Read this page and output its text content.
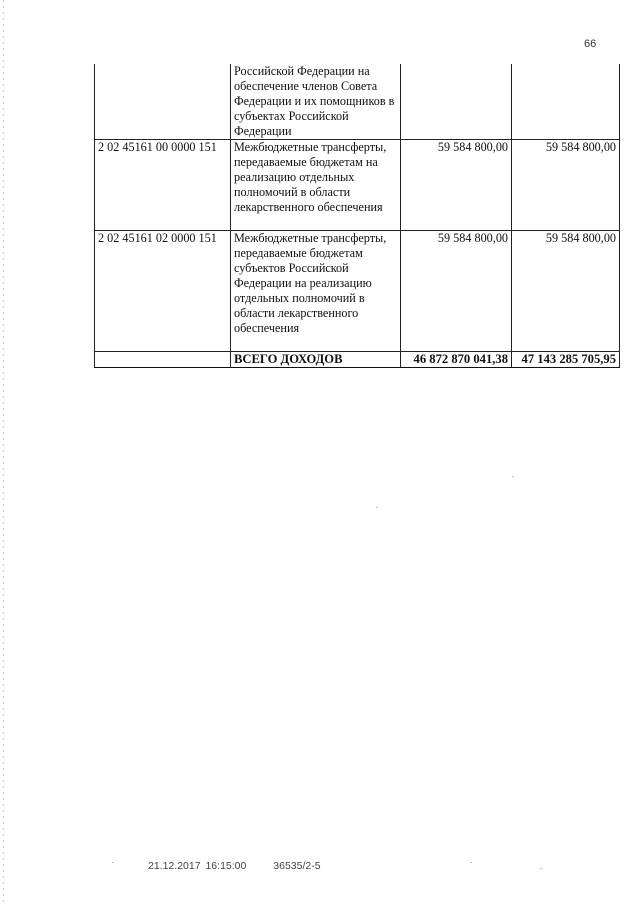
66
	Российской Федерации на обеспечение членов Совета Федерации и их помощников в субъектах Российской Федерации		
2 02 45161 00 0000 151	Межбюджетные трансферты, передаваемые бюджетам на реализацию отдельных полномочий в области лекарственного обеспечения	59 584 800,00	59 584 800,00
2 02 45161 02 0000 151	Межбюджетные трансферты, передаваемые бюджетам субъектов Российской Федерации на реализацию отдельных полномочий в области лекарственного обеспечения	59 584 800,00	59 584 800,00
	ВСЕГО ДОХОДОВ	46 872 870 041,38	47 143 285 705,95
21.12.2017 16:15:00	36535/2-5
